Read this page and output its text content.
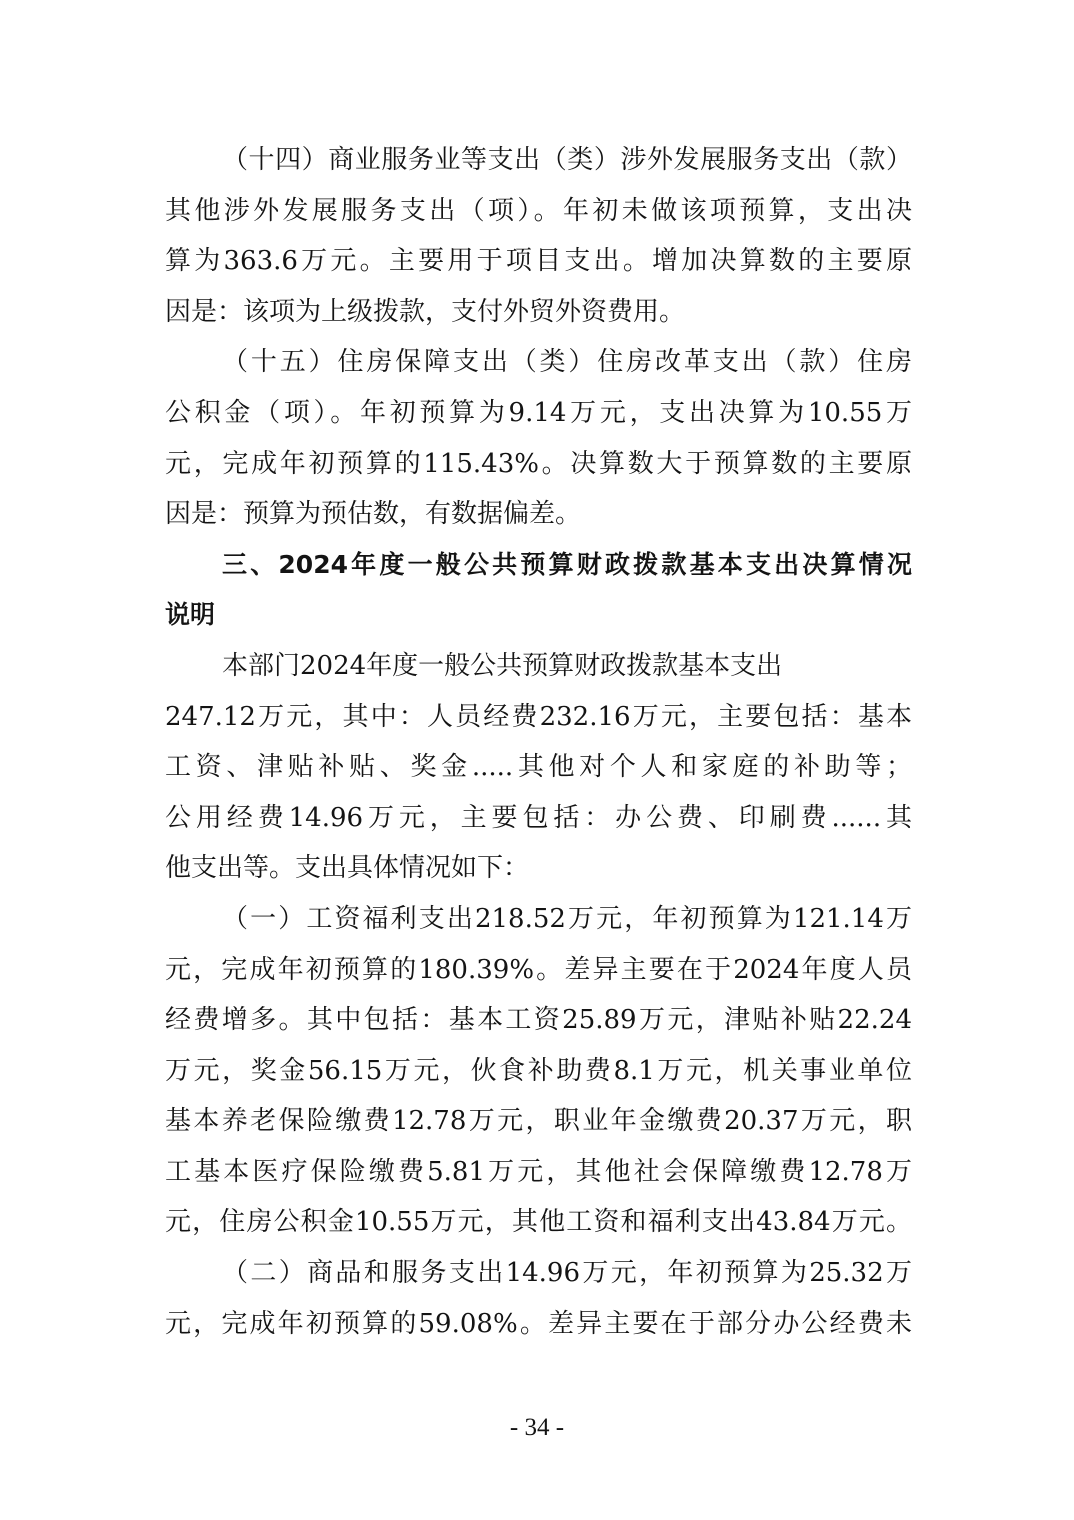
（十四）商业服务业等支出（类）涉外发展服务支出（款）
其他涉外发展服务支出（项）。年初未做该项预算，支出决
算为363.6万元。主要用于项目支出。增加决算数的主要原
因是：该项为上级拨款，支付外贸外资费用。
（十五）住房保障支出（类）住房改革支出（款）住房
公积金（项）。年初预算为9.14万元，支出决算为10.55万
元，完成年初预算的115.43%。决算数大于预算数的主要原
因是：预算为预估数，有数据偏差。
三、2024年度一般公共预算财政拨款基本支出决算情况
说明
本部门2024年度一般公共预算财政拨款基本支出
247.12万元，其中：人员经费232.16万元，主要包括：基本
工资、津贴补贴、奖金.....其他对个人和家庭的补助等；
公用经费14.96万元，主要包括：办公费、印刷费......其
他支出等。支出具体情况如下：
（一）工资福利支出218.52万元，年初预算为121.14万
元，完成年初预算的180.39%。差异主要在于2024年度人员
经费增多。其中包括：基本工资25.89万元，津贴补贴22.24
万元，奖金56.15万元，伙食补助费8.1万元，机关事业单位
基本养老保险缴费12.78万元，职业年金缴费20.37万元，职
工基本医疗保险缴费5.81万元，其他社会保障缴费12.78万
元，住房公积金10.55万元，其他工资和福利支出43.84万元。
（二）商品和服务支出14.96万元，年初预算为25.32万
元，完成年初预算的59.08%。差异主要在于部分办公经费未
- 34 -
